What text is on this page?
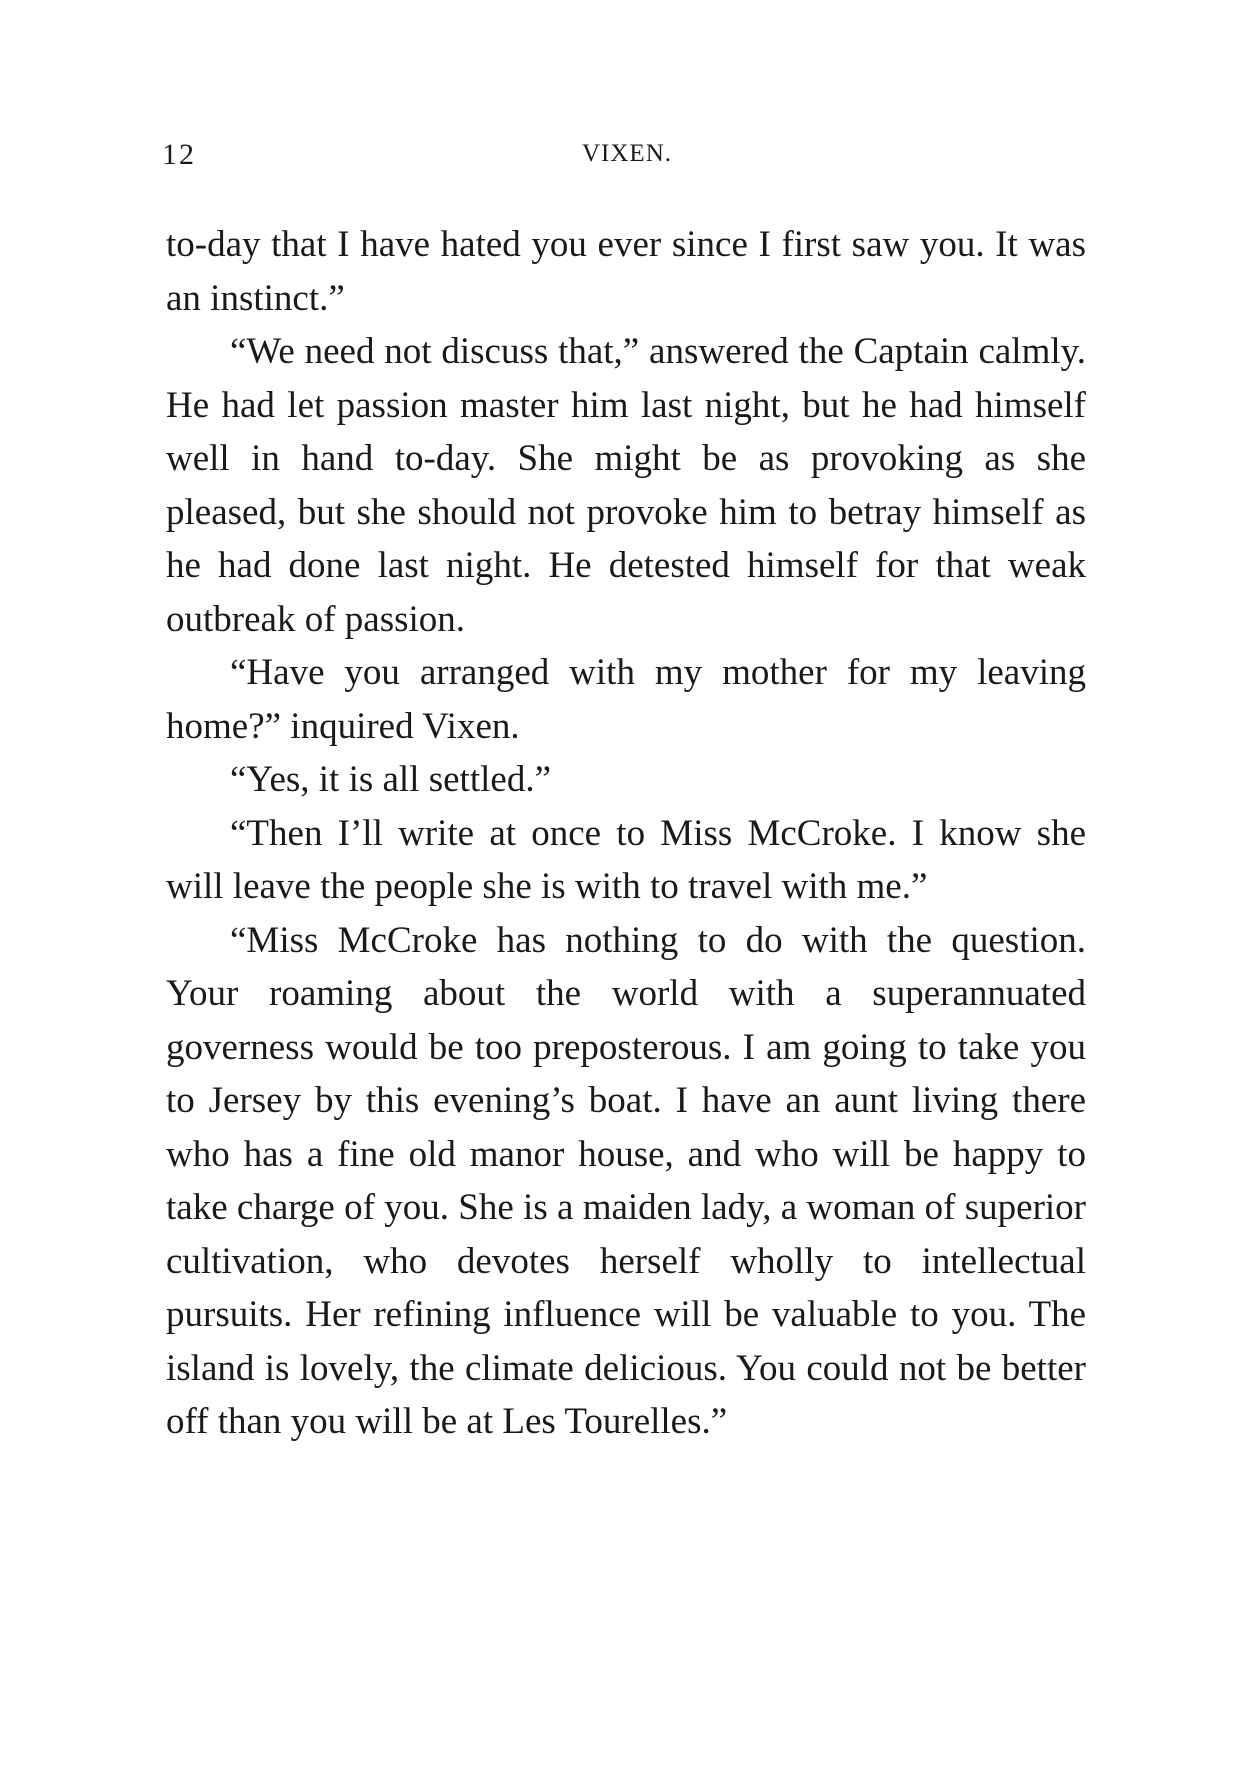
12	VIXEN.

to-day that I have hated you ever since I first saw you. It was an instinct.”

“We need not discuss that,” answered the Captain calmly. He had let passion master him last night, but he had himself well in hand to-day. She might be as provoking as she pleased, but she should not provoke him to betray himself as he had done last night. He detested himself for that weak outbreak of passion.

“Have you arranged with my mother for my leaving home?” inquired Vixen.

“Yes, it is all settled.”

“Then I’ll write at once to Miss McCroke. I know she will leave the people she is with to travel with me.”

“Miss McCroke has nothing to do with the question. Your roaming about the world with a superannuated governess would be too preposterous. I am going to take you to Jersey by this evening’s boat. I have an aunt living there who has a fine old manor house, and who will be happy to take charge of you. She is a maiden lady, a woman of superior cultivation, who devotes herself wholly to intellectual pursuits. Her refining influence will be valuable to you. The island is lovely, the climate delicious. You could not be better off than you will be at Les Tourelles.”
